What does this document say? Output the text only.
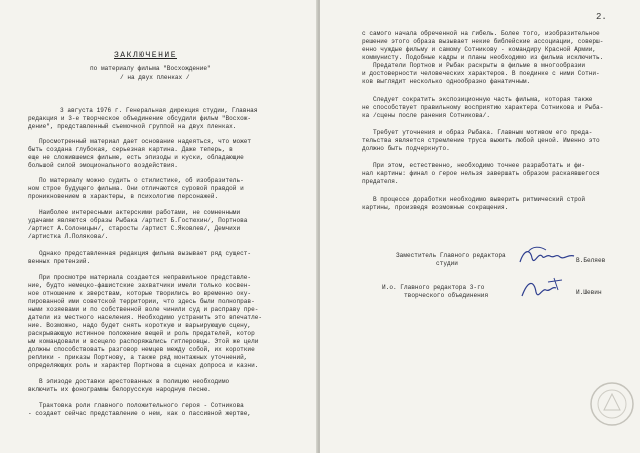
ЗАКЛЮЧЕНИЕ
по материалу фильма "Восхождение"
/ на двух пленках /
3 августа 1976 г. Генеральная дирекция студии, Главная
редакция и 3-е творческое объединение обсудили фильм "Восхож-
дение", представленный съемочной группой на двух пленках.
Просмотренный материал дает основание надеяться, что может
быть создана глубокая, серьезная картина. Даже теперь, в
еще не сложившемся фильме, есть эпизоды и куски, обладающие
большой силой эмоционального воздействия.
По материалу можно судить о стилистике, об изобразитель-
ном строе будущего фильма. Они отличаются суровой правдой и
проникновением в характеры, в психологию персонажей.
Наиболее интересными актерскими работами, не сомненными
удачами являются образы Рыбака /артист Б.Гостюхин/, Портнова
/артист А.Солоницын/, старосты /артист С.Яковлев/, Демчихи
/артистка Л.Полякова/.
Однако представленная редакция фильма вызывает ряд сущест-
венных претензий.
При просмотре материала создается неправильное представле-
ние, будто немецко-фашистские захватчики имели только косвен-
ное отношение к зверствам, которые творились во временно оку-
пированной ими советской территории, что здесь были полноправ-
ными хозяевами и по собственной воле чинили суд и расправу пре-
датели из местного населения. Необходимо устранить это впечатле-
ние. Возможно, надо будет снять короткую и варьирующую сцену,
раскрывающую истинное положение вещей и роль предателей, котор
ым командовали и всецело распоряжались гитлеровцы. Этой же цели
должны способствовать разговор немцев между собой, их короткие
реплики - приказы Портнову, а также ряд монтажных уточнений,
определяющих роль и характер Портнова в сценах допроса и казни.
В эпизоде доставки арестованных в полицию необходимо
включить их фонограммы белорусскую народную песню.
Трактовка роли главного положительного героя - Сотникова
- создает сейчас представление о нем, как о пассивной жертве,
2.
с самого начала обреченной на гибель. Более того, изобразительное
решение этого образа вызывает некие библейские ассоциации, соверш-
енно чуждые фильму и самому Сотникову - командиру Красной Армии,
коммунисту. Подобные кадры и планы необходимо из фильма исключить.
Предатели Портнов и Рыбак раскрыты в фильме в многообразии
и достоверности человеческих характеров. В поединке с ними Сотни-
ков выглядит несколько однообразно фанатичным.
Следует сократить экспозиционную часть фильма, которая также
не способствует правильному восприятию характера Сотникова и Рыба-
ка /сцены после ранения Сотникова/.
Требует уточнения и образ Рыбака. Главным мотивом его преда-
тельства является стремление трусa выжить любой ценой. Именно это
должно быть подчеркнуто.
При этом, естественно, необходимо точнее разработать и фи-
нал картины: финал о герое нельзя завершать образом раскаявшегося
предателя.
В процессе доработки необходимо выверить ритмический строй
картины, произведя возможные сокращения.
Заместитель Главного редактора
студии	В.Беляев
И.о. Главного редактора 3-го
творческого объединения	И.Шевин
